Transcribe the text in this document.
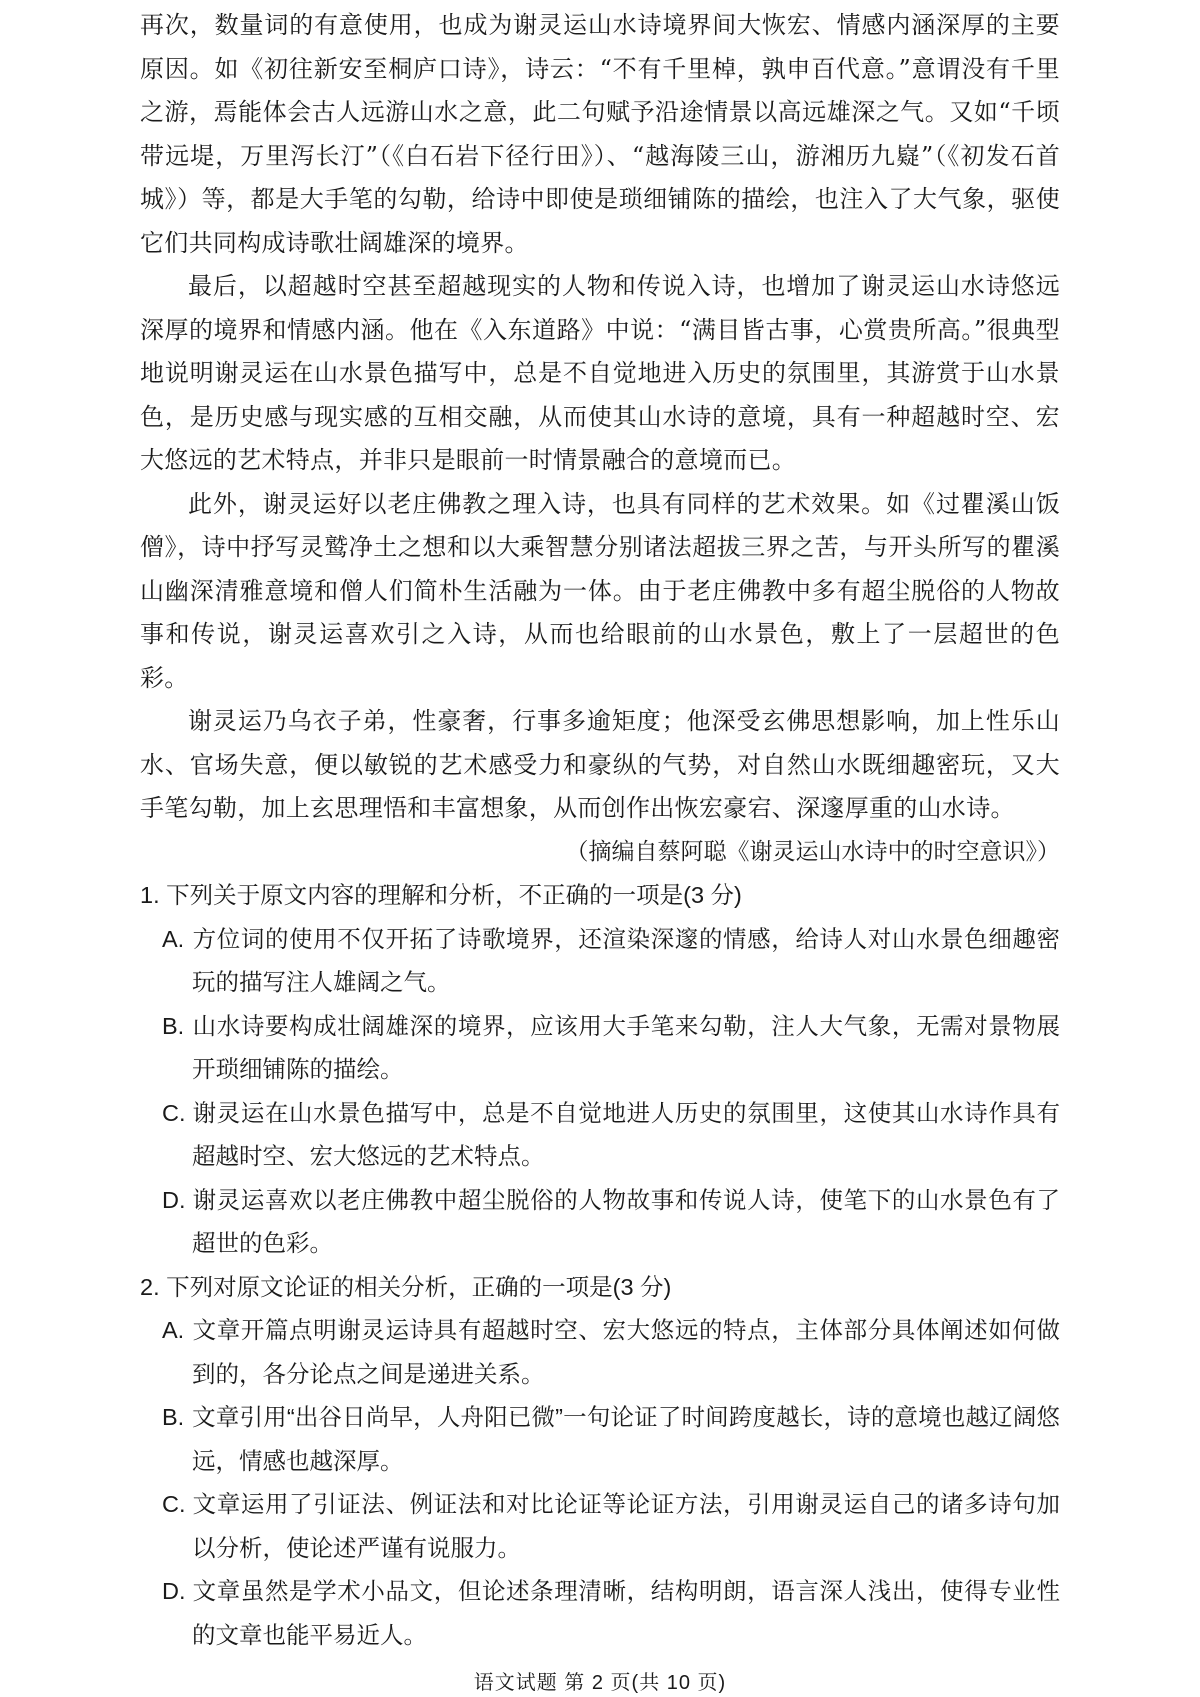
再次，数量词的有意使用，也成为谢灵运山水诗境界间大恢宏、情感内涵深厚的主要原因。如《初往新安至桐庐口诗》，诗云：“不有千里棹，孰申百代意。”意谓没有千里之游，焉能体会古人远游山水之意，此二句赋予沿途情景以高远雄深之气。又如“千顷带远堤，万里泻长汀”（《白石岩下径行田》）、“越海陵三山，游湘历九嶷”（《初发石首城》）等，都是大手笔的勾勒，给诗中即使是琐细铺陈的描绘，也注入了大气象，驱使它们共同构成诗歌壮阔雄深的境界。

最后，以超越时空甚至超越现实的人物和传说入诗，也增加了谢灵运山水诗悠远深厚的境界和情感内涵。他在《入东道路》中说：“满目皆古事，心赏贵所高。”很典型地说明谢灵运在山水景色描写中，总是不自觉地进入历史的氛围里，其游赏于山水景色，是历史感与现实感的互相交融，从而使其山水诗的意境，具有一种超越时空、宏大悠远的艺术特点，并非只是眼前一时情景融合的意境而已。

此外，谢灵运好以老庄佛教之理入诗，也具有同样的艺术效果。如《过瞿溪山饭僧》，诗中抒写灵鹫净土之想和以大乘智慧分别诸法超拔三界之苦，与开头所写的瞿溪山幽深清雅意境和僧人们简朴生活融为一体。由于老庄佛教中多有超尘脱俗的人物故事和传说，谢灵运喜欢引之入诗，从而也给眼前的山水景色，敷上了一层超世的色彩。

谢灵运乃乌衣子弟，性豪奢，行事多逾矩度；他深受玄佛思想影响，加上性乐山水、官场失意，便以敏锐的艺术感受力和豪纵的气势，对自然山水既细趣密玩，又大手笔勾勒，加上玄思理悟和丰富想象，从而创作出恢宏豪宕、深邃厚重的山水诗。

（摘编自蔡阿聪《谢灵运山水诗中的时空意识》）

1. 下列关于原文内容的理解和分析，不正确的一项是(3 分)

A. 方位词的使用不仅开拓了诗歌境界，还渲染深邃的情感，给诗人对山水景色细趣密玩的描写注人雄阔之气。

B. 山水诗要构成壮阔雄深的境界，应该用大手笔来勾勒，注人大气象，无需对景物展开琐细铺陈的描绘。

C. 谢灵运在山水景色描写中，总是不自觉地进人历史的氛围里，这使其山水诗作具有超越时空、宏大悠远的艺术特点。

D. 谢灵运喜欢以老庄佛教中超尘脱俗的人物故事和传说人诗，使笔下的山水景色有了超世的色彩。

2. 下列对原文论证的相关分析，正确的一项是(3 分)

A. 文章开篇点明谢灵运诗具有超越时空、宏大悠远的特点，主体部分具体阐述如何做到的，各分论点之间是递进关系。

B. 文章引用“出谷日尚早，人舟阳已微”一句论证了时间跨度越长，诗的意境也越辽阔悠远，情感也越深厚。

C. 文章运用了引证法、例证法和对比论证等论证方法，引用谢灵运自己的诸多诗句加以分析，使论述严谨有说服力。

D. 文章虽然是学术小品文，但论述条理清晰，结构明朗，语言深人浅出，使得专业性的文章也能平易近人。

语文试题 第 2 页(共 10 页)
